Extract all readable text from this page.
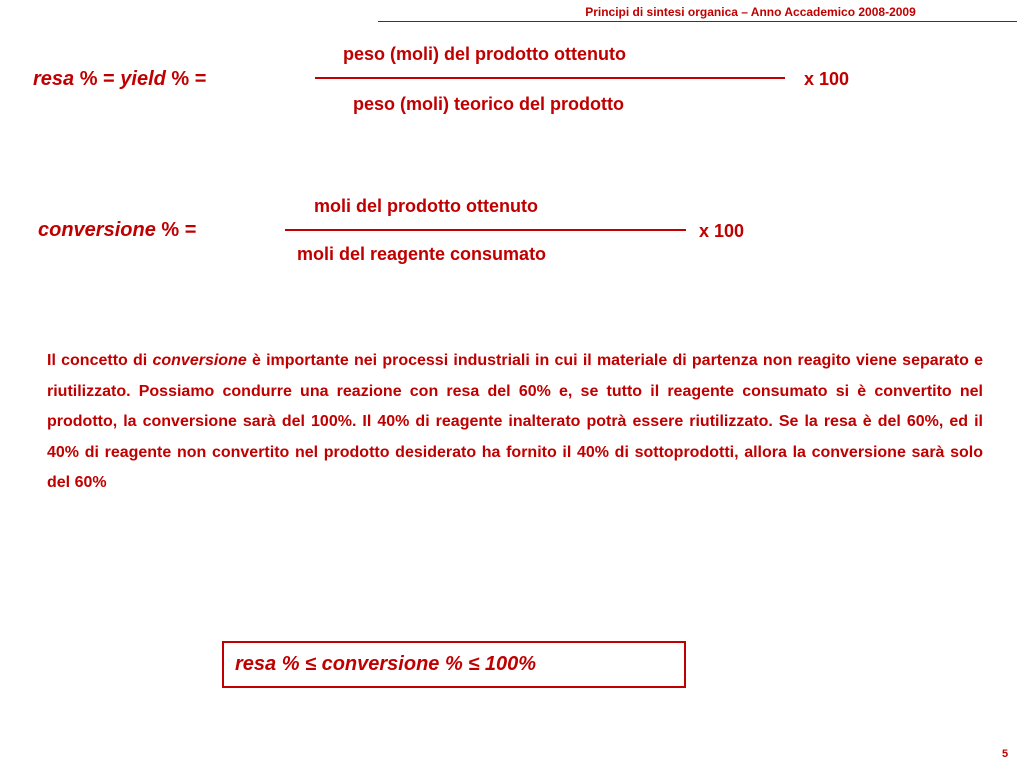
Principi di sintesi organica – Anno Accademico 2008-2009
resa % = yield % =
peso (moli) del prodotto ottenuto
peso (moli) teorico del prodotto
x 100
conversione % =
moli del prodotto ottenuto
moli del reagente consumato
x 100
Il concetto di conversione è importante nei processi industriali in cui il materiale di partenza non reagito viene separato e riutilizzato. Possiamo condurre una reazione con resa del 60% e, se tutto il reagente consumato si è convertito nel prodotto, la conversione sarà del 100%. Il 40% di reagente inalterato potrà essere riutilizzato. Se la resa è del 60%, ed il 40% di reagente non convertito nel prodotto desiderato ha fornito il 40% di sottoprodotti, allora la conversione sarà solo del 60%
resa % ≤ conversione % ≤ 100%
5
